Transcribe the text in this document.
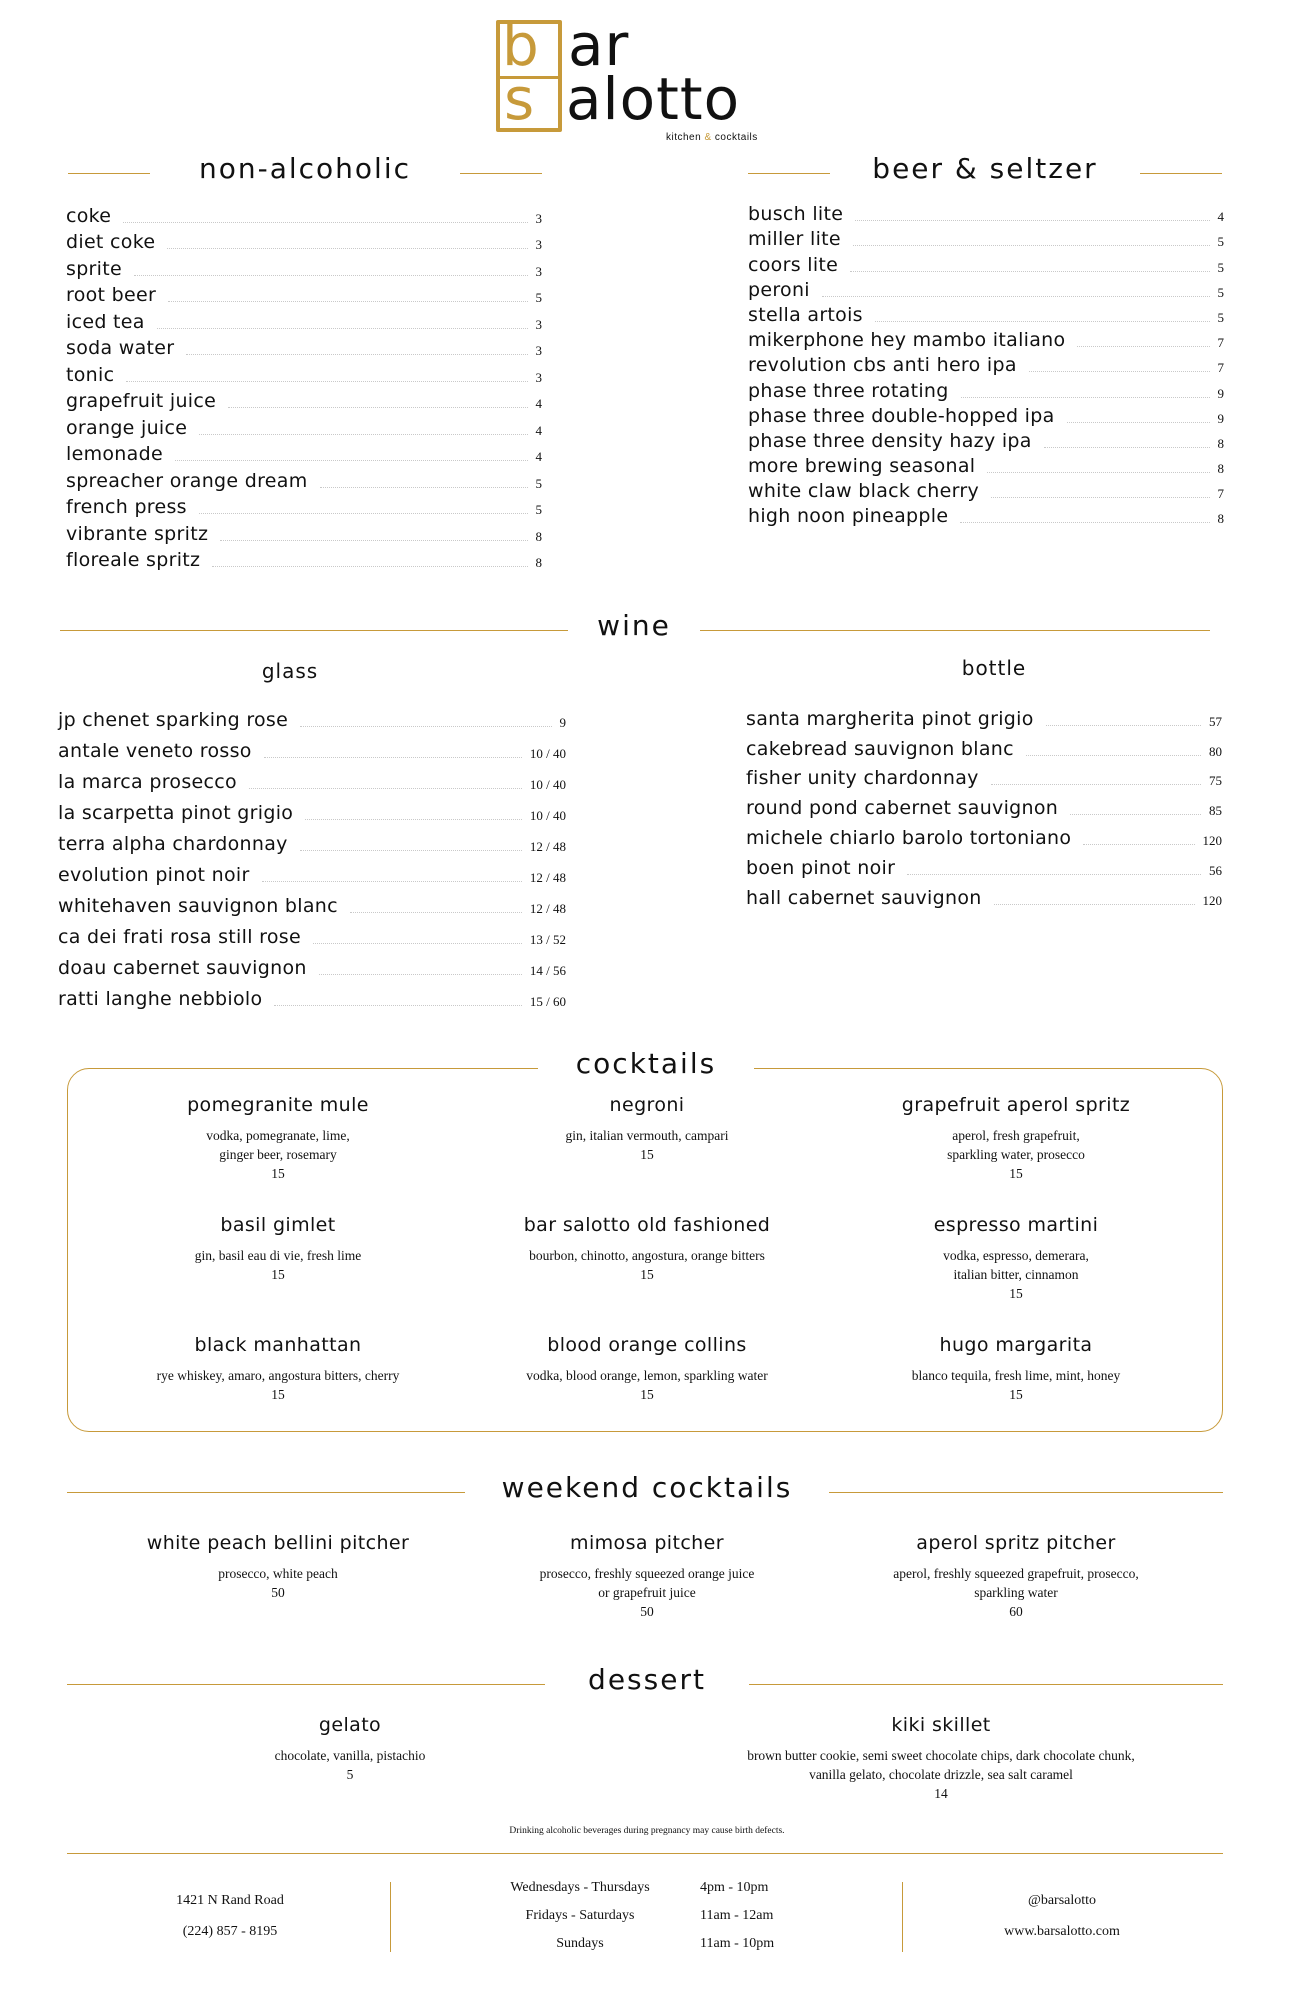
b
s
ar
alotto
kitchen & cocktails
non-alcoholic
coke	3
diet coke	3
sprite	3
root beer	5
iced tea	3
soda water	3
tonic	3
grapefruit juice	4
orange juice	4
lemonade	4
spreacher orange dream	5
french press	5
vibrante spritz	8
floreale spritz	8
beer & seltzer
busch lite	4
miller lite	5
coors lite	5
peroni	5
stella artois	5
mikerphone hey mambo italiano	7
revolution cbs anti hero ipa	7
phase three rotating	9
phase three double-hopped ipa	9
phase three density hazy ipa	8
more brewing seasonal	8
white claw black cherry	7
high noon pineapple	8
wine
glass	bottle
jp chenet sparking rose	9
antale veneto rosso	10 / 40
la marca prosecco	10 / 40
la scarpetta pinot grigio	10 / 40
terra alpha chardonnay	12 / 48
evolution pinot noir	12 / 48
whitehaven sauvignon blanc	12 / 48
ca dei frati rosa still rose	13 / 52
doau cabernet sauvignon	14 / 56
ratti langhe nebbiolo	15 / 60
santa margherita pinot grigio	57
cakebread sauvignon blanc	80
fisher unity chardonnay	75
round pond cabernet sauvignon	85
michele chiarlo barolo tortoniano	120
boen pinot noir	56
hall cabernet sauvignon	120
cocktails
pomegranite mule
vodka, pomegranate, lime,
ginger beer, rosemary
15
negroni
gin, italian vermouth, campari
15
grapefruit aperol spritz
aperol, fresh grapefruit,
sparkling water, prosecco
15
basil gimlet
gin, basil eau di vie, fresh lime
15
bar salotto old fashioned
bourbon, chinotto, angostura, orange bitters
15
espresso martini
vodka, espresso, demerara,
italian bitter, cinnamon
15
black manhattan
rye whiskey, amaro, angostura bitters, cherry
15
blood orange collins
vodka, blood orange, lemon, sparkling water
15
hugo margarita
blanco tequila, fresh lime, mint, honey
15
weekend cocktails
white peach bellini pitcher
prosecco, white peach
50
mimosa pitcher
prosecco, freshly squeezed orange juice
or grapefruit juice
50
aperol spritz pitcher
aperol, freshly squeezed grapefruit, prosecco,
sparkling water
60
dessert
gelato
chocolate, vanilla, pistachio
5
kiki skillet
brown butter cookie, semi sweet chocolate chips, dark chocolate chunk,
vanilla gelato, chocolate drizzle, sea salt caramel
14
Drinking alcoholic beverages during pregnancy may cause birth defects.
1421 N Rand Road
(224) 857 - 8195
Wednesdays - Thursdays	4pm - 10pm
Fridays - Saturdays	11am - 12am
Sundays	11am - 10pm
@barsalotto
www.barsalotto.com
